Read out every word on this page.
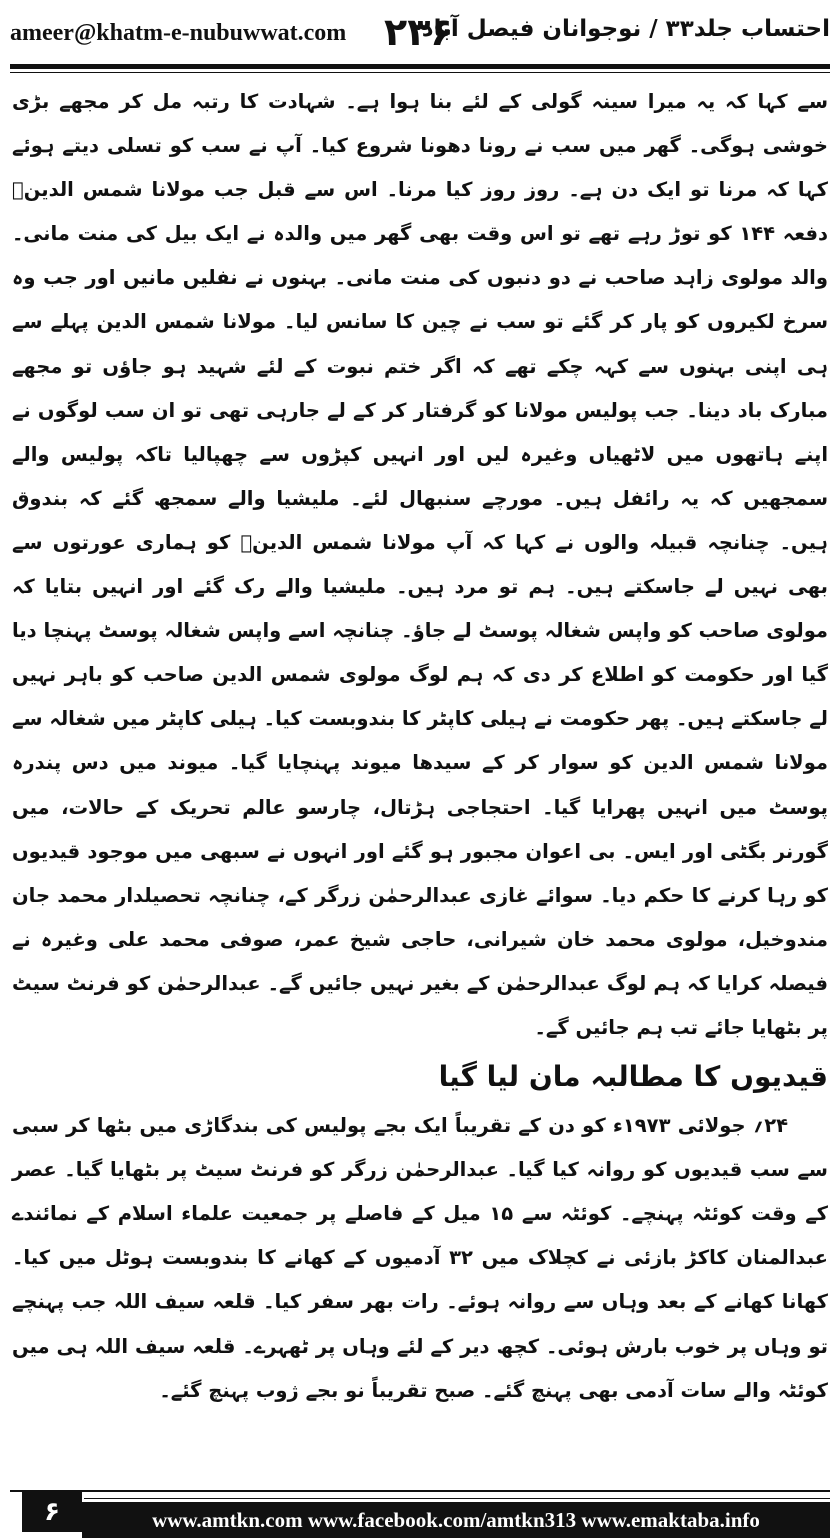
ameer@khatm-e-nubuwwat.com ۲۳۶
احتساب جلد۳۳ / نوجوانان فیصل آباد

سے کہا کہ یہ میرا سینہ گولی کے لئے بنا ہوا ہے۔ شہادت کا رتبہ مل کر مجھے بڑی خوشی ہوگی۔ گھر میں سب نے رونا دھونا شروع کیا۔ آپ نے سب کو تسلی دیتے ہوئے کہا کہ مرنا تو ایک دن ہے۔ روز روز کیا مرنا۔ اس سے قبل جب مولانا شمس الدینؒ دفعہ ۱۴۴ کو توڑ رہے تھے تو اس وقت بھی گھر میں والدہ نے ایک بیل کی منت مانی۔ والد مولوی زاہد صاحب نے دو دنبوں کی منت مانی۔ بہنوں نے نفلیں مانیں اور جب وہ سرخ لکیروں کو پار کر گئے تو سب نے چین کا سانس لیا۔ مولانا شمس الدین پہلے سے ہی اپنی بہنوں سے کہہ چکے تھے کہ اگر ختم نبوت کے لئے شہید ہو جاؤں تو مجھے مبارک باد دینا۔ جب پولیس مولانا کو گرفتار کر کے لے جارہی تھی تو ان سب لوگوں نے اپنے ہاتھوں میں لاٹھیاں وغیرہ لیں اور انہیں کپڑوں سے چھپالیا تاکہ پولیس والے سمجھیں کہ یہ رائفل ہیں۔ مورچے سنبھال لئے۔ ملیشیا والے سمجھ گئے کہ بندوق ہیں۔ چنانچہ قبیلہ والوں نے کہا کہ آپ مولانا شمس الدینؒ کو ہماری عورتوں سے بھی نہیں لے جاسکتے ہیں۔ ہم تو مرد ہیں۔ ملیشیا والے رک گئے اور انہیں بتایا کہ مولوی صاحب کو واپس شغالہ پوسٹ لے جاؤ۔ چنانچہ اسے واپس شغالہ پوسٹ پہنچا دیا گیا اور حکومت کو اطلاع کر دی کہ ہم لوگ مولوی شمس الدین صاحب کو باہر نہیں لے جاسکتے ہیں۔ پھر حکومت نے ہیلی کاپٹر کا بندوبست کیا۔ ہیلی کاپٹر میں شغالہ سے مولانا شمس الدین کو سوار کر کے سیدھا میوند پہنچایا گیا۔ میوند میں دس پندرہ پوسٹ میں انہیں پھرایا گیا۔ احتجاجی ہڑتال، چارسو عالم تحریک کے حالات، میں گورنر بگٹی اور ایس۔ بی اعوان مجبور ہو گئے اور انہوں نے سبھی میں موجود قیدیوں کو رہا کرنے کا حکم دیا۔ سوائے غازی عبدالرحمٰن زرگر کے، چنانچہ تحصیلدار محمد جان مندوخیل، مولوی محمد خان شیرانی، حاجی شیخ عمر، صوفی محمد علی وغیرہ نے فیصلہ کرایا کہ ہم لوگ عبدالرحمٰن کے بغیر نہیں جائیں گے۔ عبدالرحمٰن کو فرنٹ سیٹ پر بٹھایا جائے تب ہم جائیں گے۔

قیدیوں کا مطالبہ مان لیا گیا

۲۴؍ جولائی ۱۹۷۳ء کو دن کے تقریباً ایک بجے پولیس کی بندگاڑی میں بٹھا کر سبی سے سب قیدیوں کو روانہ کیا گیا۔ عبدالرحمٰن زرگر کو فرنٹ سیٹ پر بٹھایا گیا۔ عصر کے وقت کوئٹہ پہنچے۔ کوئٹہ سے ۱۵ میل کے فاصلے پر جمعیت علماء اسلام کے نمائندے عبدالمنان کاکڑ بازئی نے کچلاک میں ۳۲ آدمیوں کے کھانے کا بندوبست ہوٹل میں کیا۔ کھانا کھانے کے بعد وہاں سے روانہ ہوئے۔ رات بھر سفر کیا۔ قلعہ سیف اللہ جب پہنچے تو وہاں پر خوب بارش ہوئی۔ کچھ دیر کے لئے وہاں پر ٹھہرے۔ قلعہ سیف اللہ ہی میں کوئٹہ والے سات آدمی بھی پہنچ گئے۔ صبح تقریباً نو بجے ژوب پہنچ گئے۔

۶	www.amtkn.com www.facebook.com/amtkn313 www.emaktaba.info
